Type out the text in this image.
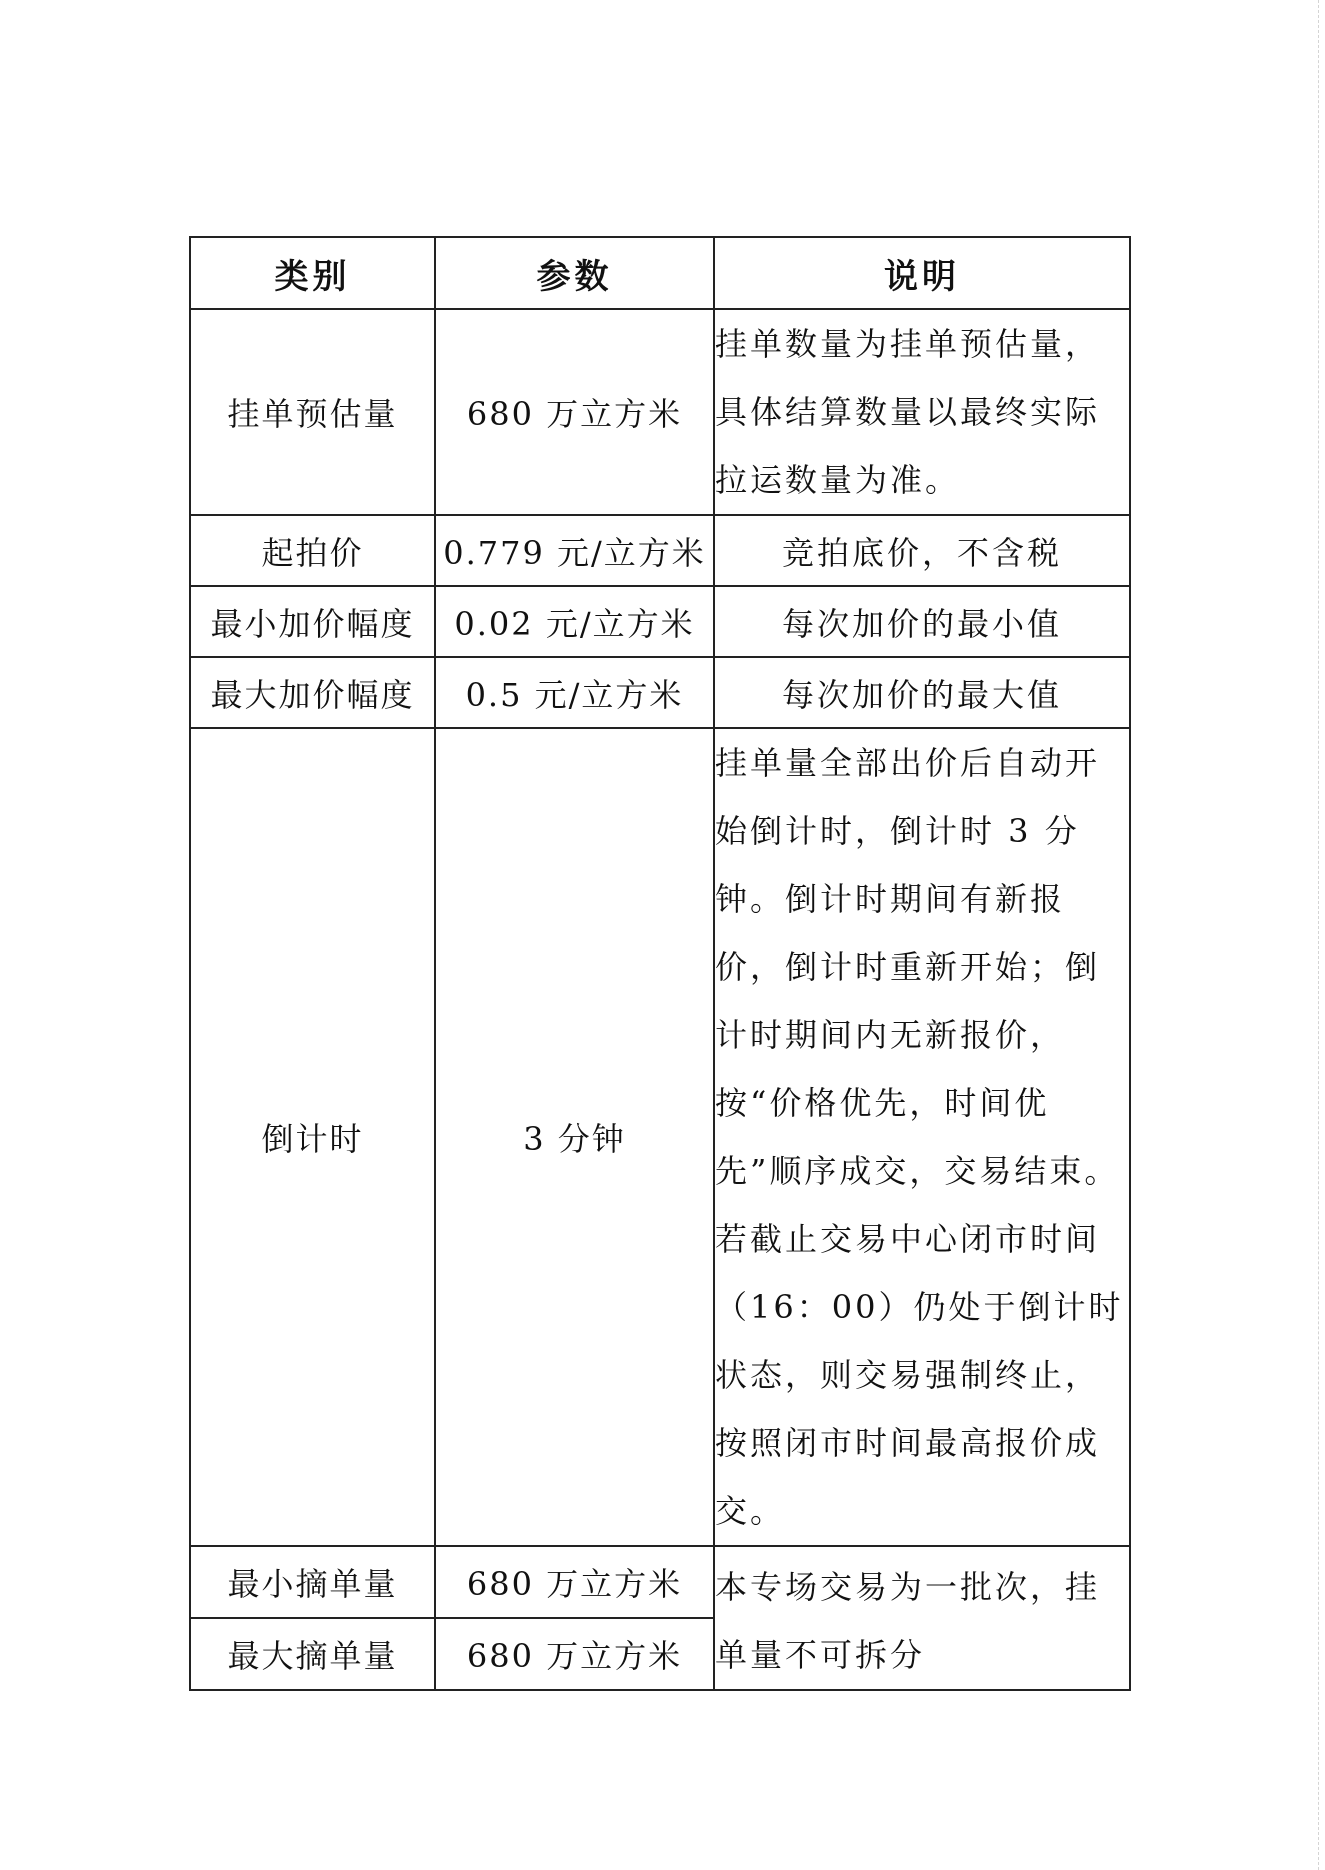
类别	参数	说明
挂单预估量	680 万立方米	挂单数量为挂单预估量，具体结算数量以最终实际拉运数量为准。
起拍价	0.779 元/立方米	竞拍底价，不含税
最小加价幅度	0.02 元/立方米	每次加价的最小值
最大加价幅度	0.5 元/立方米	每次加价的最大值
倒计时	3 分钟	挂单量全部出价后自动开始倒计时，倒计时 3 分钟。倒计时期间有新报价，倒计时重新开始；倒计时期间内无新报价，按“价格优先，时间优先”顺序成交，交易结束。若截止交易中心闭市时间（16：00）仍处于倒计时状态，则交易强制终止，按照闭市时间最高报价成交。
最小摘单量	680 万立方米	本专场交易为一批次，挂单量不可拆分
最大摘单量	680 万立方米	
